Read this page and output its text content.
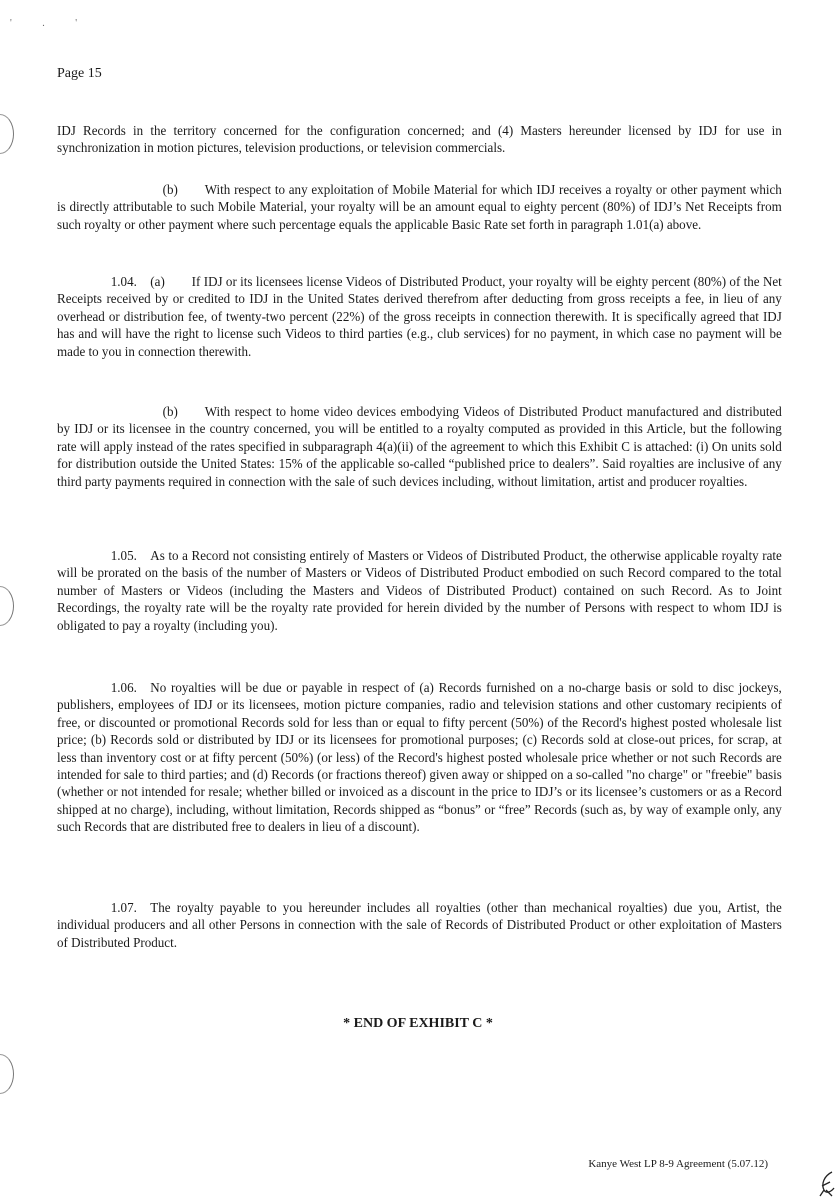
' . '
Page 15

IDJ Records in the territory concerned for the configuration concerned; and (4) Masters hereunder licensed by IDJ for use in synchronization in motion pictures, television productions, or television commercials.

(b) With respect to any exploitation of Mobile Material for which IDJ receives a royalty or other payment which is directly attributable to such Mobile Material, your royalty will be an amount equal to eighty percent (80%) of IDJ’s Net Receipts from such royalty or other payment where such percentage equals the applicable Basic Rate set forth in paragraph 1.01(a) above.

1.04. (a) If IDJ or its licensees license Videos of Distributed Product, your royalty will be eighty percent (80%) of the Net Receipts received by or credited to IDJ in the United States derived therefrom after deducting from gross receipts a fee, in lieu of any overhead or distribution fee, of twenty-two percent (22%) of the gross receipts in connection therewith. It is specifically agreed that IDJ has and will have the right to license such Videos to third parties (e.g., club services) for no payment, in which case no payment will be made to you in connection therewith.

(b) With respect to home video devices embodying Videos of Distributed Product manufactured and distributed by IDJ or its licensee in the country concerned, you will be entitled to a royalty computed as provided in this Article, but the following rate will apply instead of the rates specified in subparagraph 4(a)(ii) of the agreement to which this Exhibit C is attached: (i) On units sold for distribution outside the United States: 15% of the applicable so-called “published price to dealers”. Said royalties are inclusive of any third party payments required in connection with the sale of such devices including, without limitation, artist and producer royalties.

1.05. As to a Record not consisting entirely of Masters or Videos of Distributed Product, the otherwise applicable royalty rate will be prorated on the basis of the number of Masters or Videos of Distributed Product embodied on such Record compared to the total number of Masters or Videos (including the Masters and Videos of Distributed Product) contained on such Record. As to Joint Recordings, the royalty rate will be the royalty rate provided for herein divided by the number of Persons with respect to whom IDJ is obligated to pay a royalty (including you).

1.06. No royalties will be due or payable in respect of (a) Records furnished on a no-charge basis or sold to disc jockeys, publishers, employees of IDJ or its licensees, motion picture companies, radio and television stations and other customary recipients of free, or discounted or promotional Records sold for less than or equal to fifty percent (50%) of the Record's highest posted wholesale list price; (b) Records sold or distributed by IDJ or its licensees for promotional purposes; (c) Records sold at close-out prices, for scrap, at less than inventory cost or at fifty percent (50%) (or less) of the Record's highest posted wholesale price whether or not such Records are intended for sale to third parties; and (d) Records (or fractions thereof) given away or shipped on a so-called "no charge" or "freebie" basis (whether or not intended for resale; whether billed or invoiced as a discount in the price to IDJ’s or its licensee’s customers or as a Record shipped at no charge), including, without limitation, Records shipped as “bonus” or “free” Records (such as, by way of example only, any such Records that are distributed free to dealers in lieu of a discount).

1.07. The royalty payable to you hereunder includes all royalties (other than mechanical royalties) due you, Artist, the individual producers and all other Persons in connection with the sale of Records of Distributed Product or other exploitation of Masters of Distributed Product.

* END OF EXHIBIT C *
Kanye West LP 8-9 Agreement (5.07.12)
